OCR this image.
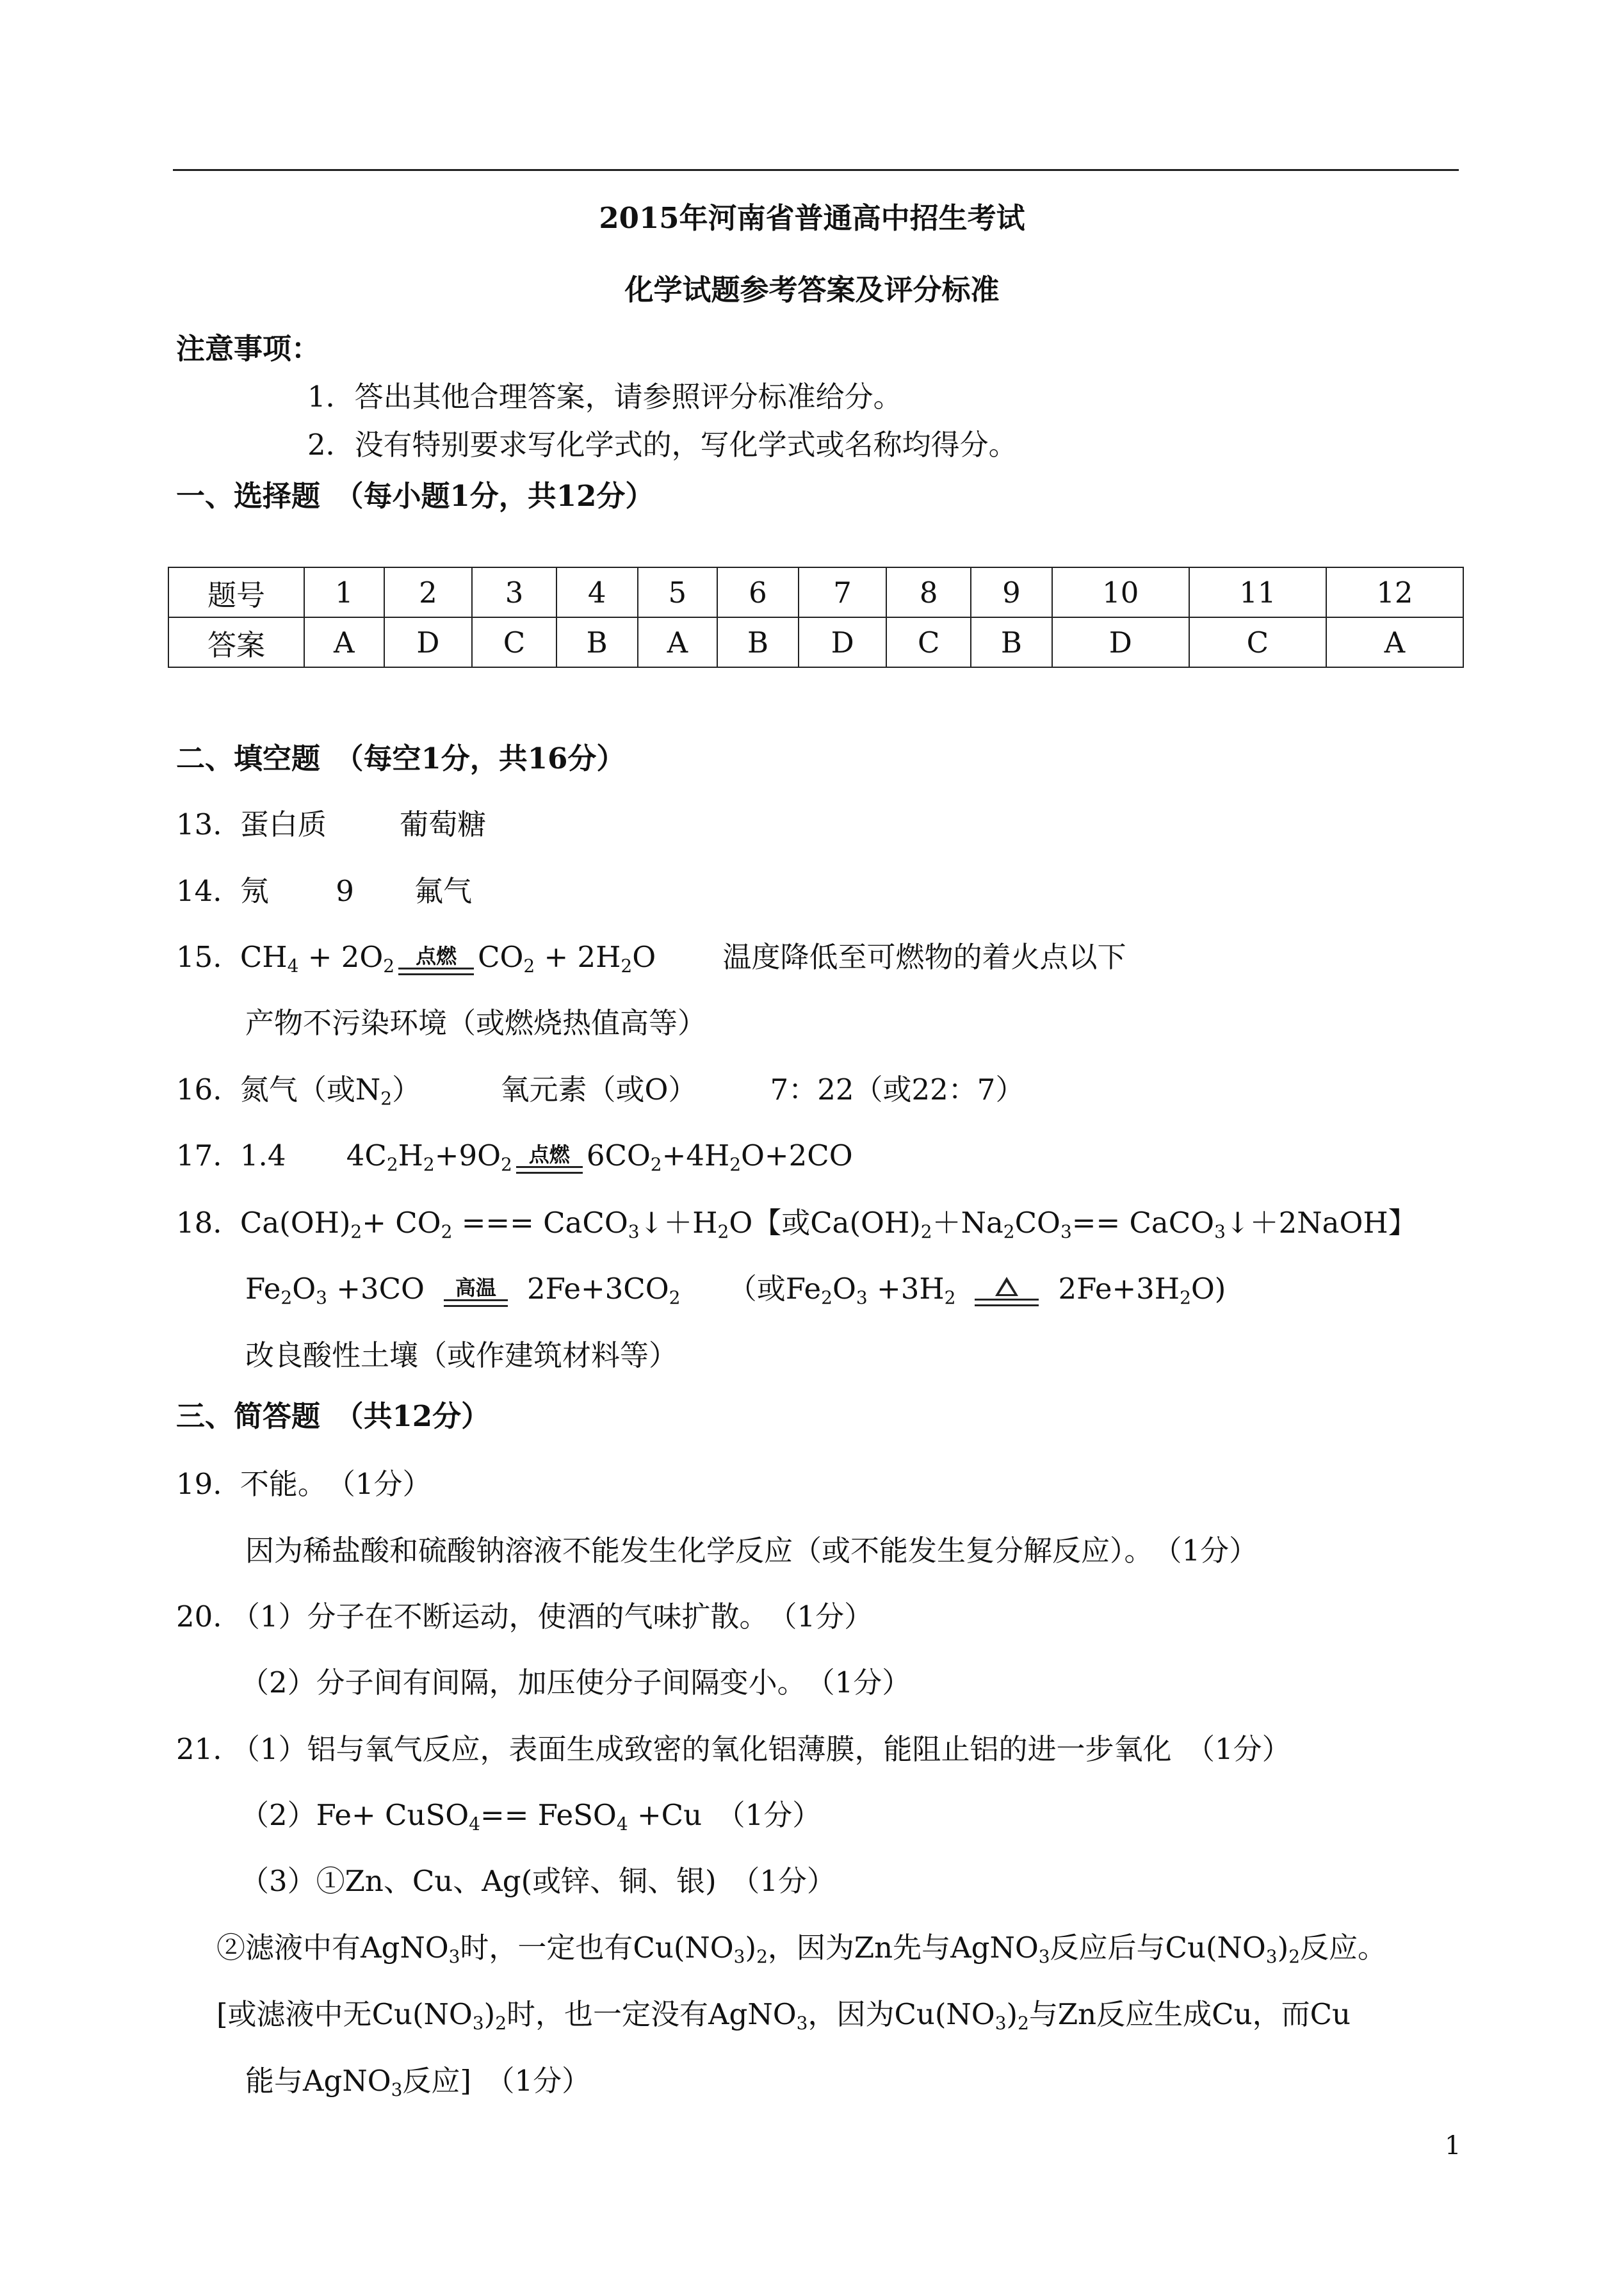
2015年河南省普通高中招生考试
化学试题参考答案及评分标准
注意事项：
1．答出其他合理答案，请参照评分标准给分。
2．没有特别要求写化学式的，写化学式或名称均得分。
一、选择题　（每小题1分，共12分）
题号	1	2	3	4	5	6	7	8	9	10	11	12
答案	A	D	C	B	A	B	D	C	B	D	C	A
二、填空题　（每空1分，共16分）
13. 蛋白质	葡萄糖
14. 氖 9 氟气
15. $CH_4 + 2O_2$	点燃 $CO_2 + 2H_2O$ 温度降低至可燃物的着火点以下
产物不污染环境（或燃烧热值高等）
16. 氮气（或$N_2$）	氧元素（或O）	7：22（或22：7）
17. 1.4 $4C_2H_2+9O_2$ 点燃 $6CO_2+4H_2O+2CO$
18. $Ca(OH)_2+ CO_2$ === $CaCO_3↓+H_2O$【或$Ca(OH)_2+Na_2CO_3==$ CaCO$_3$↓＋2NaOH】
$Fe_2O_3 +3CO$	高温	$2Fe+3CO_2$ （或$Fe_2O_3 +3H_2$	$2Fe+3H_2O$)
改良酸性土壤（或作建筑材料等）
三、简答题　（共12分）
19. 不能。　（1分）
因为稀盐酸和硫酸钠溶液不能发生化学反应（或不能发生复分解反应）。　（1分）
20. （1）分子在不断运动，使酒的气味扩散。　（1分）
（2）分子间有间隔，加压使分子间隔变小。　（1分）
21. （1）铝与氧气反应，表面生成致密的氧化铝薄膜，能阻止铝的进一步氧化　（1分）
（2）Fe+ CuSO$_4$== FeSO$_4$ +Cu　（1分）
（3）①Zn、Cu、Ag(或锌、铜、银)　（1分）
②滤液中有AgNO$_3$时，一定也有$Cu(NO_3)_2$，因为Zn先与AgNO$_3$反应后与$Cu(NO_3)_2$反应。
[或滤液中无$Cu(NO_3)_2$时，也一定没有AgNO$_3$，因为$Cu(NO_3)_2$与Zn反应生成Cu，而Cu
能与AgNO$_3$反应]　（1分）
1
